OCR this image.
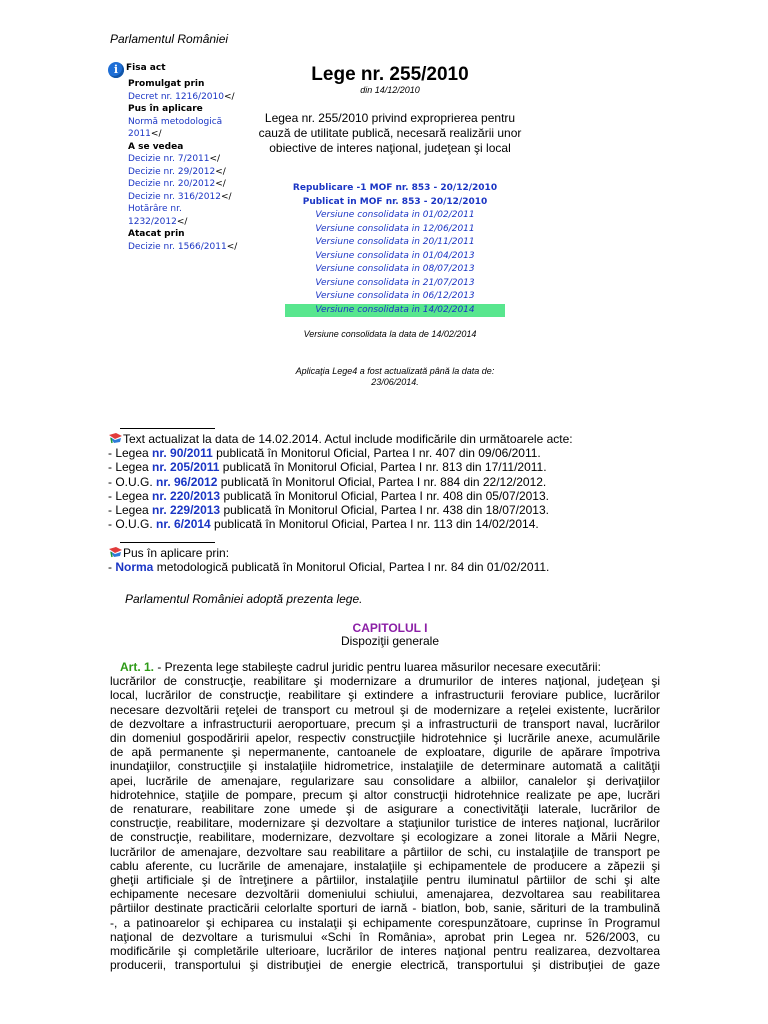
Parlamentul României
i Fisa act
Promulgat prin
Decret nr. 1216/2010</
Pus în aplicare
Normă metodologică
2011</
A se vedea
Decizie nr. 7/2011</
Decizie nr. 29/2012</
Decizie nr. 20/2012</
Decizie nr. 316/2012</
Hotărâre nr.
1232/2012</
Atacat prin
Decizie nr. 1566/2011</
Lege nr. 255/2010
din 14/12/2010
Legea nr. 255/2010 privind exproprierea pentru cauză de utilitate publică, necesară realizării unor obiective de interes naţional, judeţean şi local
Republicare -1 MOF nr. 853 - 20/12/2010
Publicat in MOF nr. 853 - 20/12/2010
Versiune consolidata in 01/02/2011
Versiune consolidata in 12/06/2011
Versiune consolidata in 20/11/2011
Versiune consolidata in 01/04/2013
Versiune consolidata in 08/07/2013
Versiune consolidata in 21/07/2013
Versiune consolidata in 06/12/2013
Versiune consolidata in 14/02/2014
Versiune consolidata la data de 14/02/2014
Aplicaţia Lege4 a fost actualizată până la data de: 23/06/2014.
Text actualizat la data de 14.02.2014. Actul include modificările din următoarele acte:
- Legea nr. 90/2011 publicată în Monitorul Oficial, Partea I nr. 407 din 09/06/2011.
- Legea nr. 205/2011 publicată în Monitorul Oficial, Partea I nr. 813 din 17/11/2011.
- O.U.G. nr. 96/2012 publicată în Monitorul Oficial, Partea I nr. 884 din 22/12/2012.
- Legea nr. 220/2013 publicată în Monitorul Oficial, Partea I nr. 408 din 05/07/2013.
- Legea nr. 229/2013 publicată în Monitorul Oficial, Partea I nr. 438 din 18/07/2013.
- O.U.G. nr. 6/2014 publicată în Monitorul Oficial, Partea I nr. 113 din 14/02/2014.
Pus în aplicare prin:
- Norma metodologică publicată în Monitorul Oficial, Partea I nr. 84 din 01/02/2011.
Parlamentul României adoptă prezenta lege.
CAPITOLUL I
Dispoziţii generale
Art. 1. - Prezenta lege stabileşte cadrul juridic pentru luarea măsurilor necesare executării:
lucrărilor de construcţie, reabilitare şi modernizare a drumurilor de interes naţional, judeţean şi
local, lucrărilor de construcţie, reabilitare şi extindere a infrastructurii feroviare publice, lucrărilor
necesare dezvoltării reţelei de transport cu metroul şi de modernizare a reţelei existente, lucrărilor
de dezvoltare a infrastructurii aeroportuare, precum şi a infrastructurii de transport naval, lucrărilor
din domeniul gospodăririi apelor, respectiv construcţiile hidrotehnice şi lucrările anexe, acumulările
de apă permanente şi nepermanente, cantoanele de exploatare, digurile de apărare împotriva
inundaţiilor, construcţiile şi instalaţiile hidrometrice, instalaţiile de determinare automată a calităţii
apei, lucrările de amenajare, regularizare sau consolidare a albiilor, canalelor şi derivaţiilor
hidrotehnice, staţiile de pompare, precum şi altor construcţii hidrotehnice realizate pe ape, lucrări
de renaturare, reabilitare zone umede şi de asigurare a conectivităţii laterale, lucrărilor de
construcţie, reabilitare, modernizare şi dezvoltare a staţiunilor turistice de interes naţional, lucrărilor
de construcţie, reabilitare, modernizare, dezvoltare şi ecologizare a zonei litorale a Mării Negre,
lucrărilor de amenajare, dezvoltare sau reabilitare a pârtiilor de schi, cu instalaţiile de transport pe
cablu aferente, cu lucrările de amenajare, instalaţiile şi echipamentele de producere a zăpezii şi
gheţii artificiale şi de întreţinere a pârtiilor, instalaţiile pentru iluminatul pârtiilor de schi şi alte
echipamente necesare dezvoltării domeniului schiului, amenajarea, dezvoltarea sau reabilitarea
pârtiilor destinate practicării celorlalte sporturi de iarnă - biatlon, bob, sanie, sărituri de la trambulină
-, a patinoarelor şi echiparea cu instalaţii şi echipamente corespunzătoare, cuprinse în Programul
naţional de dezvoltare a turismului «Schi în România», aprobat prin Legea nr. 526/2003, cu
modificările şi completările ulterioare, lucrărilor de interes naţional pentru realizarea, dezvoltarea
producerii, transportului şi distribuţiei de energie electrică, transportului şi distribuţiei de gaze
